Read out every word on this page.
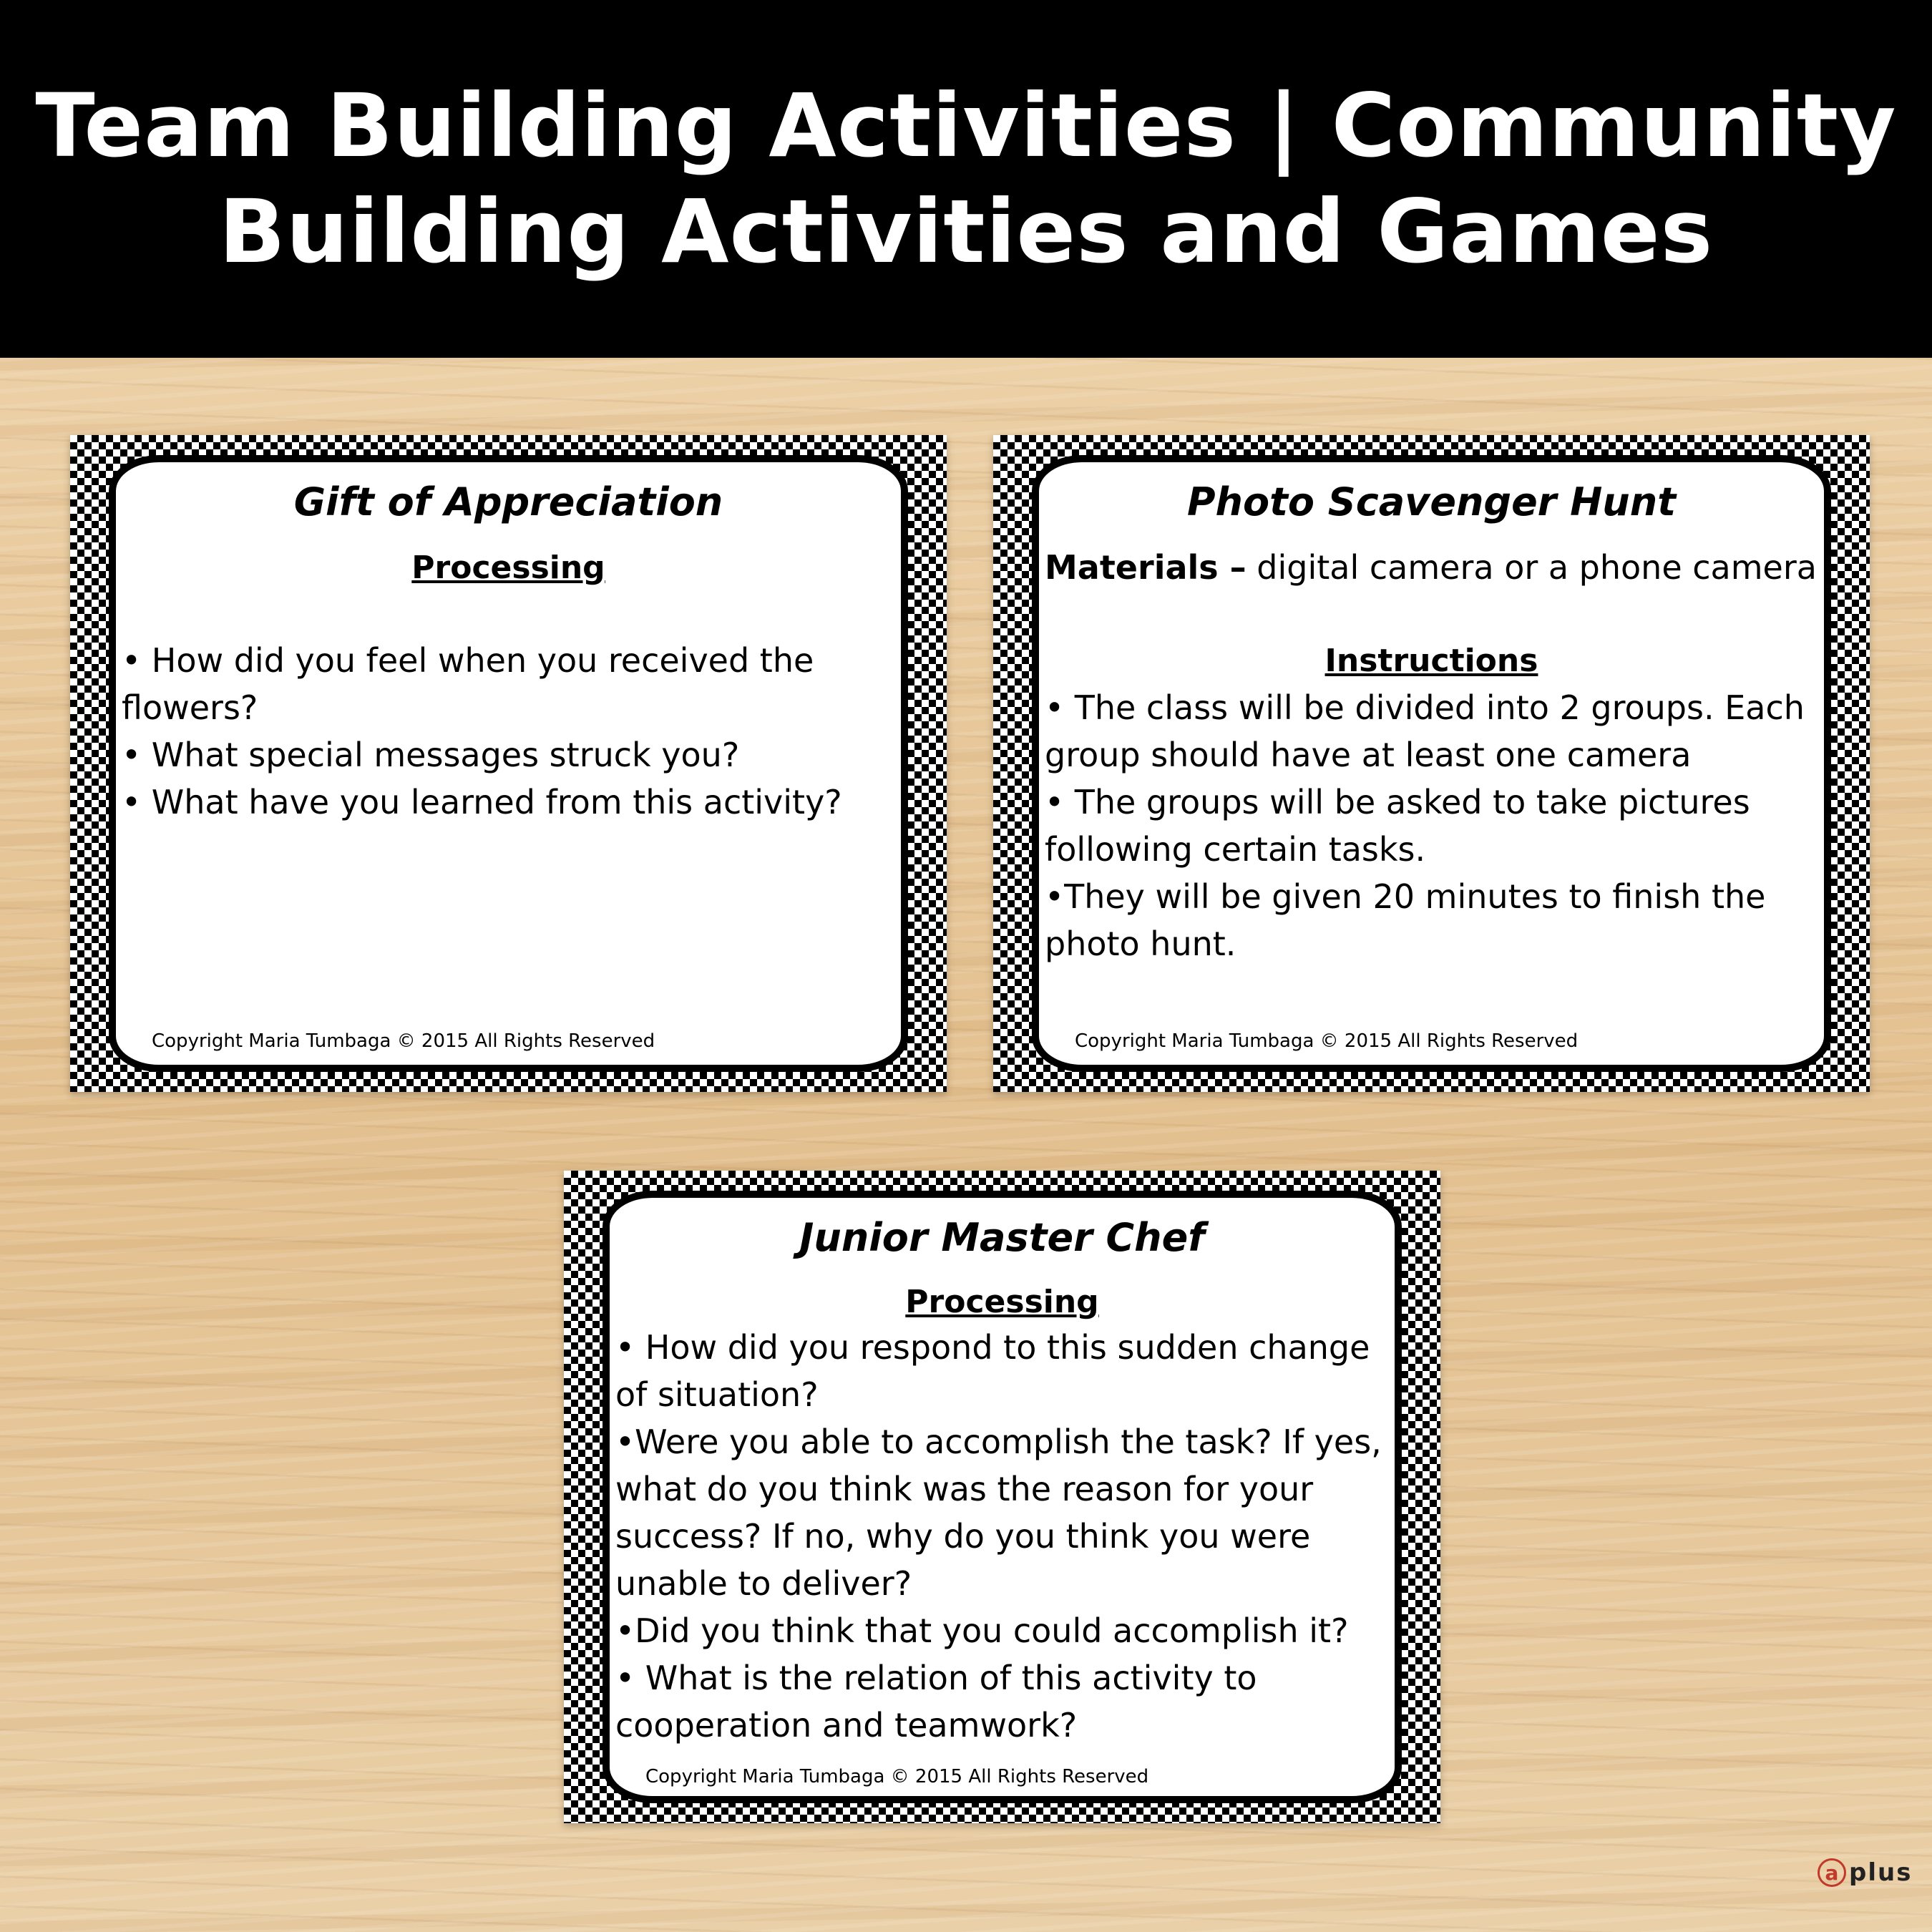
Team Building Activities | Community
Building Activities and Games
Gift of Appreciation
Processing

• How did you feel when you received the

flowers?

• What special messages struck you?

• What have you learned from this activity?

Copyright Maria Tumbaga © 2015 All Rights Reserved
Photo Scavenger Hunt

Materials – digital camera or a phone camera

Instructions

• The class will be divided into 2 groups. Each

group should have at least one camera

• The groups will be asked to take pictures

following certain tasks.

•They will be given 20 minutes to finish the

photo hunt.

Copyright Maria Tumbaga © 2015 All Rights Reserved
Junior Master Chef
Processing

• How did you respond to this sudden change

of situation?

•Were you able to accomplish the task? If yes,

what do you think was the reason for your

success? If no, why do you think you were

unable to deliver?

•Did you think that you could accomplish it?

• What is the relation of this activity to

cooperation and teamwork?

Copyright Maria Tumbaga © 2015 All Rights Reserved
a plus
